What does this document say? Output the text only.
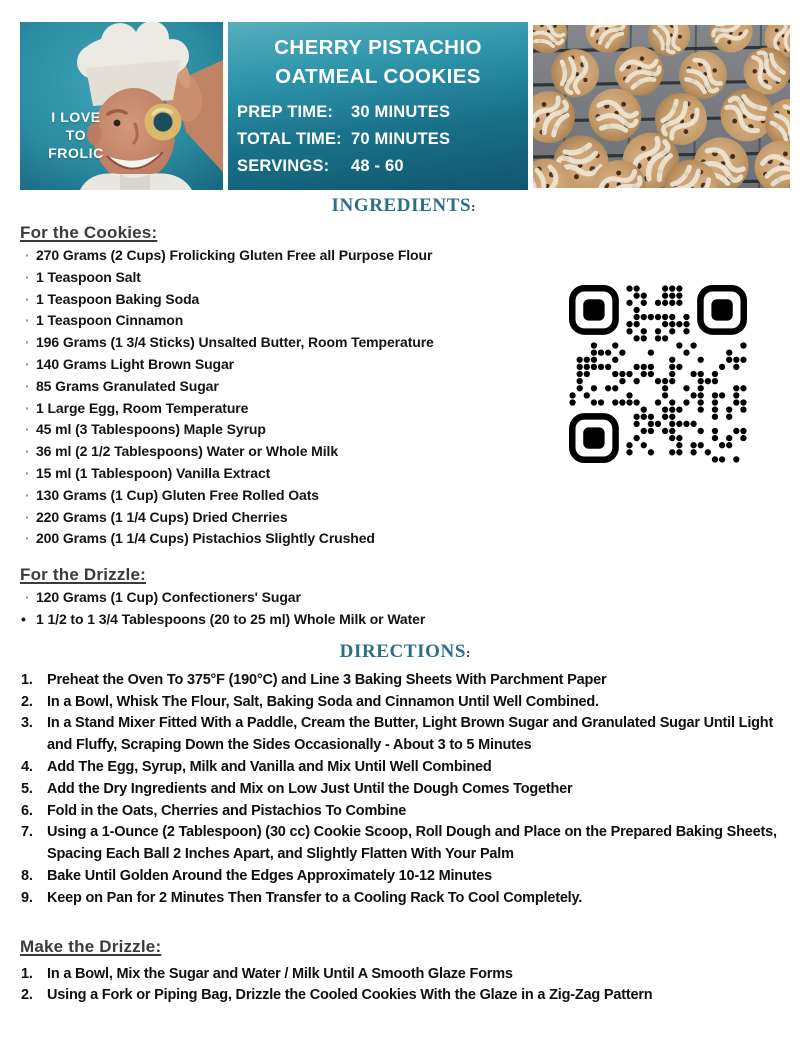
I LOVE
TO
FROLIC
CHERRY PISTACHIO
OATMEAL COOKIES
PREP TIME:	30 MINUTES
TOTAL TIME: 70 MINUTES
SERVINGS:	48 - 60
INGREDIENTS:
For the Cookies:
· 270 Grams (2 Cups) Frolicking Gluten Free all Purpose Flour
· 1 Teaspoon Salt
· 1 Teaspoon Baking Soda
· 1 Teaspoon Cinnamon
· 196 Grams (1 3/4 Sticks) Unsalted Butter, Room Temperature
· 140 Grams Light Brown Sugar
· 85 Grams Granulated Sugar
· 1 Large Egg, Room Temperature
· 45 ml (3 Tablespoons) Maple Syrup
· 36 ml (2 1/2 Tablespoons) Water or Whole Milk
· 15 ml (1 Tablespoon) Vanilla Extract
· 130 Grams (1 Cup) Gluten Free Rolled Oats
· 220 Grams (1 1/4 Cups) Dried Cherries
· 200 Grams (1 1/4 Cups) Pistachios Slightly Crushed
For the Drizzle:
· 120 Grams (1 Cup) Confectioners' Sugar
• 1 1/2 to 1 3/4 Tablespoons (20 to 25 ml) Whole Milk or Water
DIRECTIONS:
Preheat the Oven To 375°F (190°C) and Line 3 Baking Sheets With Parchment Paper
In a Bowl, Whisk The Flour, Salt, Baking Soda and Cinnamon Until Well Combined.
In a Stand Mixer Fitted With a Paddle, Cream the Butter, Light Brown Sugar and Granulated Sugar Until Light and Fluffy, Scraping Down the Sides Occasionally - About 3 to 5 Minutes
Add The Egg, Syrup, Milk and Vanilla and Mix Until Well Combined
Add the Dry Ingredients and Mix on Low Just Until the Dough Comes Together
Fold in the Oats, Cherries and Pistachios To Combine
Using a 1-Ounce (2 Tablespoon) (30 cc) Cookie Scoop, Roll Dough and Place on the Prepared Baking Sheets, Spacing Each Ball 2 Inches Apart, and Slightly Flatten With Your Palm
Bake Until Golden Around the Edges Approximately 10-12 Minutes
Keep on Pan for 2 Minutes Then Transfer to a Cooling Rack To Cool Completely.
Make the Drizzle:
In a Bowl, Mix the Sugar and Water / Milk Until A Smooth Glaze Forms
Using a Fork or Piping Bag, Drizzle the Cooled Cookies With the Glaze in a Zig-Zag Pattern
